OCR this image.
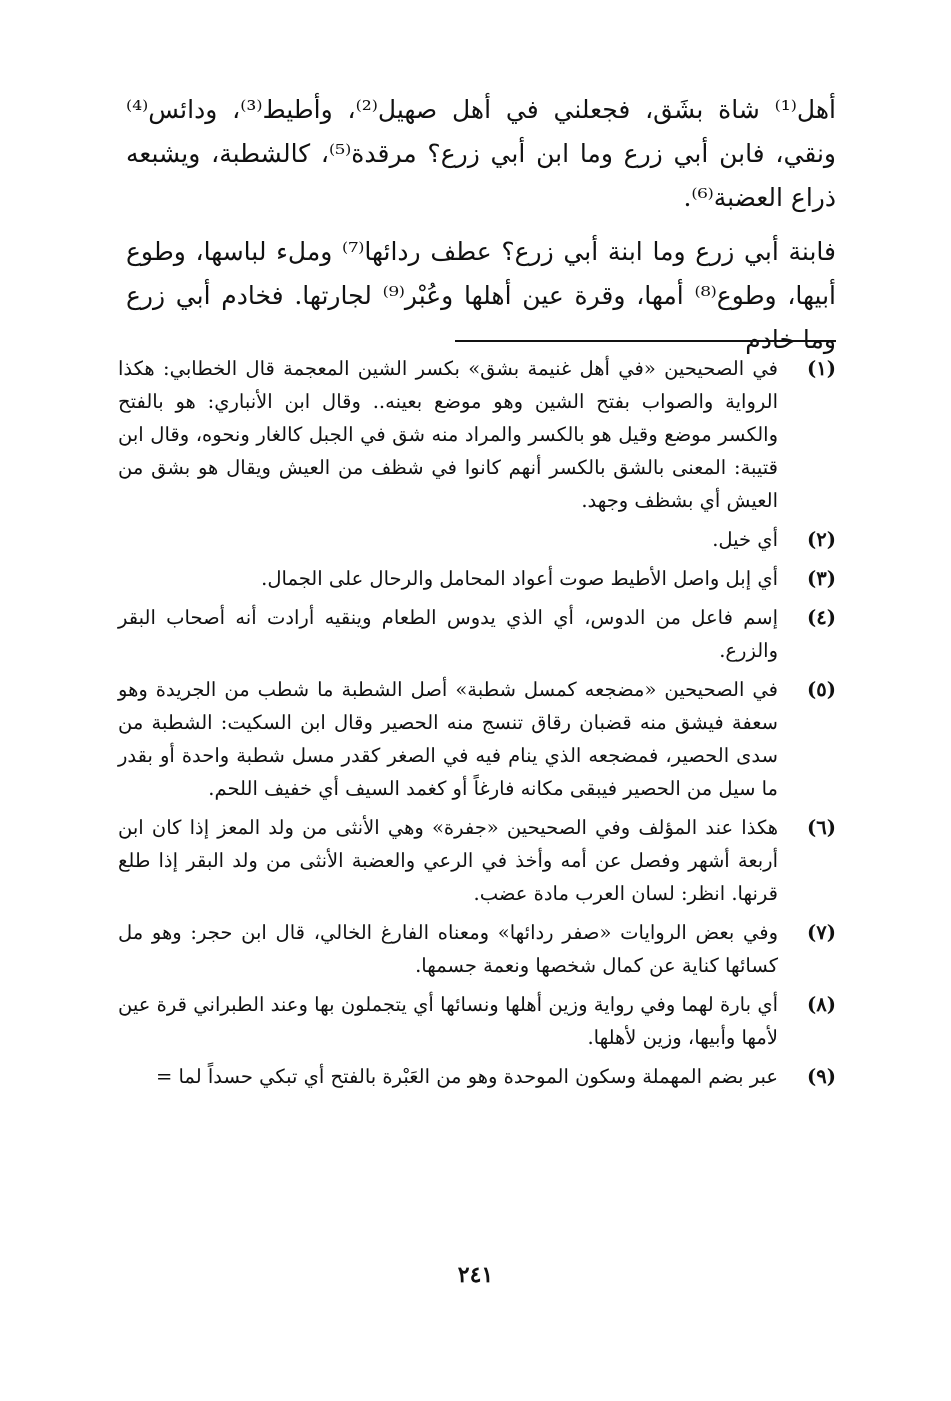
أهل⁽¹⁾ شاة بشَق، فجعلني في أهل صهيل⁽²⁾، وأطيط⁽³⁾، ودائس⁽⁴⁾ ونقي، فابن أبي زرع وما ابن أبي زرع؟ مرقدة⁽⁵⁾، كالشطبة، ويشبعه ذراع العضبة⁽⁶⁾.

فابنة أبي زرع وما ابنة أبي زرع؟ عطف ردائها⁽⁷⁾ وملء لباسها، وطوع أبيها، وطوع⁽⁸⁾ أمها، وقرة عين أهلها وعُبْر⁽⁹⁾ لجارتها. فخادم أبي زرع وما خادم

(١)
في الصحيحين «في أهل غنيمة بشق» بكسر الشين المعجمة قال الخطابي: هكذا الرواية والصواب بفتح الشين وهو موضع بعينه.. وقال ابن الأنباري: هو بالفتح والكسر موضع وقيل هو بالكسر والمراد منه شق في الجبل كالغار ونحوه، وقال ابن قتيبة: المعنى بالشق بالكسر أنهم كانوا في شظف من العيش ويقال هو بشق من العيش أي بشظف وجهد.
(٢)
أي خيل.
(٣)
أي إبل واصل الأطيط صوت أعواد المحامل والرحال على الجمال.
(٤)
إسم فاعل من الدوس، أي الذي يدوس الطعام وينقيه أرادت أنه أصحاب البقر والزرع.
(٥)
في الصحيحين «مضجعه كمسل شطبة» أصل الشطبة ما شطب من الجريدة وهو سعفة فيشق منه قضبان رقاق تنسج منه الحصير وقال ابن السكيت: الشطبة من سدى الحصير، فمضجعه الذي ينام فيه في الصغر كقدر مسل شطبة واحدة أو بقدر ما سيل من الحصير فيبقى مكانه فارغاً أو كغمد السيف أي خفيف اللحم.
(٦)
هكذا عند المؤلف وفي الصحيحين «جفرة» وهي الأنثى من ولد المعز إذا كان ابن أربعة أشهر وفصل عن أمه وأخذ في الرعي والعضبة الأنثى من ولد البقر إذا طلع قرنها. انظر: لسان العرب مادة عضب.
(٧)
وفي بعض الروايات «صفر ردائها» ومعناه الفارغ الخالي، قال ابن حجر: وهو مل كسائها كناية عن كمال شخصها ونعمة جسمها.
(٨)
أي بارة لهما وفي رواية وزين أهلها ونسائها أي يتجملون بها وعند الطبراني قرة عين لأمها وأبيها، وزين لأهلها.
(٩)
عبر بضم المهملة وسكون الموحدة وهو من العَبْرة بالفتح أي تبكي حسداً لما =
٢٤١
